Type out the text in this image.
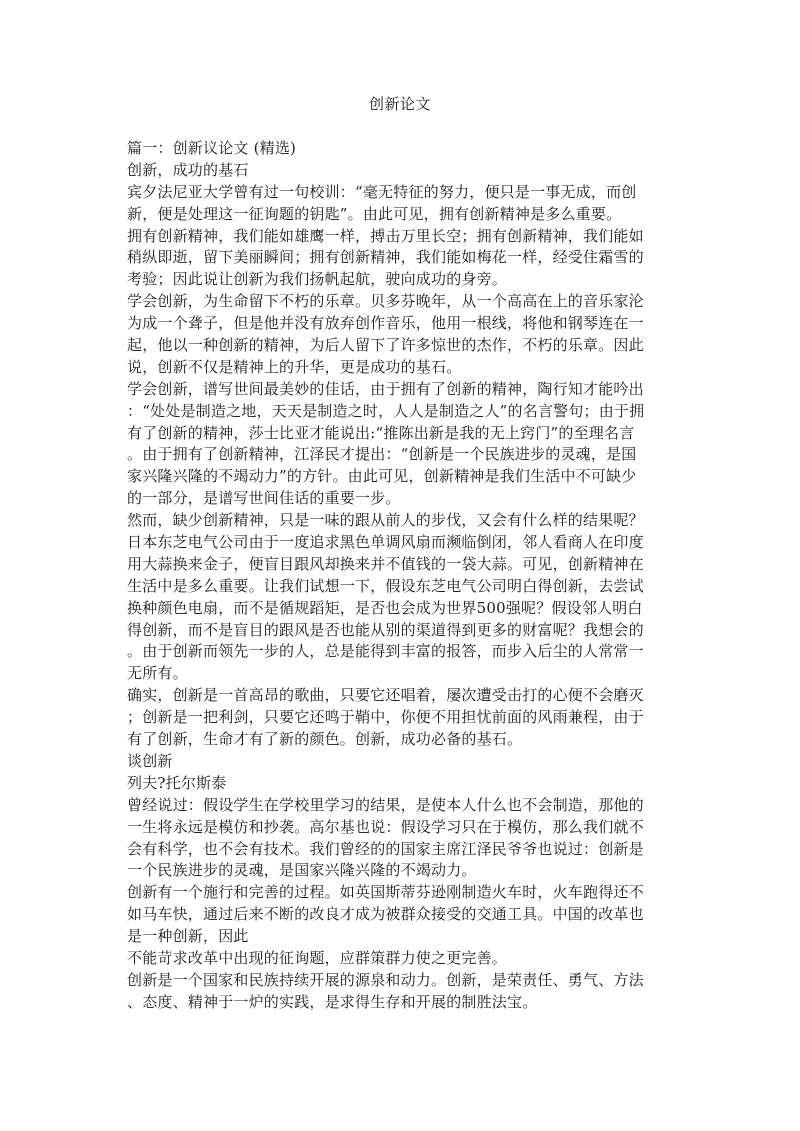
创新论文
篇一：创新议论文 (精选)
创新，成功的基石
宾夕法尼亚大学曾有过一句校训：“毫无特征的努力，便只是一事无成，而创
新，便是处理这一征询题的钥匙”。由此可见，拥有创新精神是多么重要。
拥有创新精神，我们能如雄鹰一样，搏击万里长空；拥有创新精神，我们能如
稍纵即逝，留下美丽瞬间；拥有创新精神，我们能如梅花一样，经受住霜雪的
考验；因此说让创新为我们扬帆起航，驶向成功的身旁。
学会创新，为生命留下不朽的乐章。贝多芬晚年，从一个高高在上的音乐家沦
为成一个聋子，但是他并没有放弃创作音乐，他用一根线，将他和钢琴连在一
起，他以一种创新的精神，为后人留下了许多惊世的杰作，不朽的乐章。因此
说，创新不仅是精神上的升华，更是成功的基石。
学会创新，谱写世间最美妙的佳话，由于拥有了创新的精神，陶行知才能吟出
：“处处是制造之地，天天是制造之时，人人是制造之人”的名言警句；由于拥
有了创新的精神，莎士比亚才能说出:“推陈出新是我的无上窍门”的至理名言
。由于拥有了创新精神，江泽民才提出：“创新是一个民族进步的灵魂，是国
家兴隆兴隆的不竭动力”的方针。由此可见，创新精神是我们生活中不可缺少
的一部分，是谱写世间佳话的重要一步。
然而，缺少创新精神，只是一味的跟从前人的步伐，又会有什么样的结果呢？
日本东芝电气公司由于一度追求黑色单调风扇而濒临倒闭，邻人看商人在印度
用大蒜换来金子，便盲目跟风却换来并不值钱的一袋大蒜。可见，创新精神在
生活中是多么重要。让我们试想一下，假设东芝电气公司明白得创新，去尝试
换种颜色电扇，而不是循规蹈矩，是否也会成为世界500强呢？假设邻人明白
得创新，而不是盲目的跟风是否也能从别的渠道得到更多的财富呢？我想会的
。由于创新而领先一步的人，总是能得到丰富的报答，而步入后尘的人常常一
无所有。
确实，创新是一首高昂的歌曲，只要它还唱着，屡次遭受击打的心便不会磨灭
；创新是一把利剑，只要它还鸣于鞘中，你便不用担忧前面的风雨兼程，由于
有了创新，生命才有了新的颜色。创新，成功必备的基石。
谈创新
列夫?托尔斯泰
曾经说过：假设学生在学校里学习的结果，是使本人什么也不会制造，那他的
一生将永远是模仿和抄袭。高尔基也说：假设学习只在于模仿，那么我们就不
会有科学，也不会有技术。我们曾经的的国家主席江泽民爷爷也说过：创新是
一个民族进步的灵魂，是国家兴隆兴隆的不竭动力。
创新有一个施行和完善的过程。如英国斯蒂芬逊刚制造火车时，火车跑得还不
如马车快，通过后来不断的改良才成为被群众接受的交通工具。中国的改革也
是一种创新，因此
不能苛求改革中出现的征询题，应群策群力使之更完善。
创新是一个国家和民族持续开展的源泉和动力。创新，是荣责任、勇气、方法
、态度、精神于一炉的实践，是求得生存和开展的制胜法宝。
